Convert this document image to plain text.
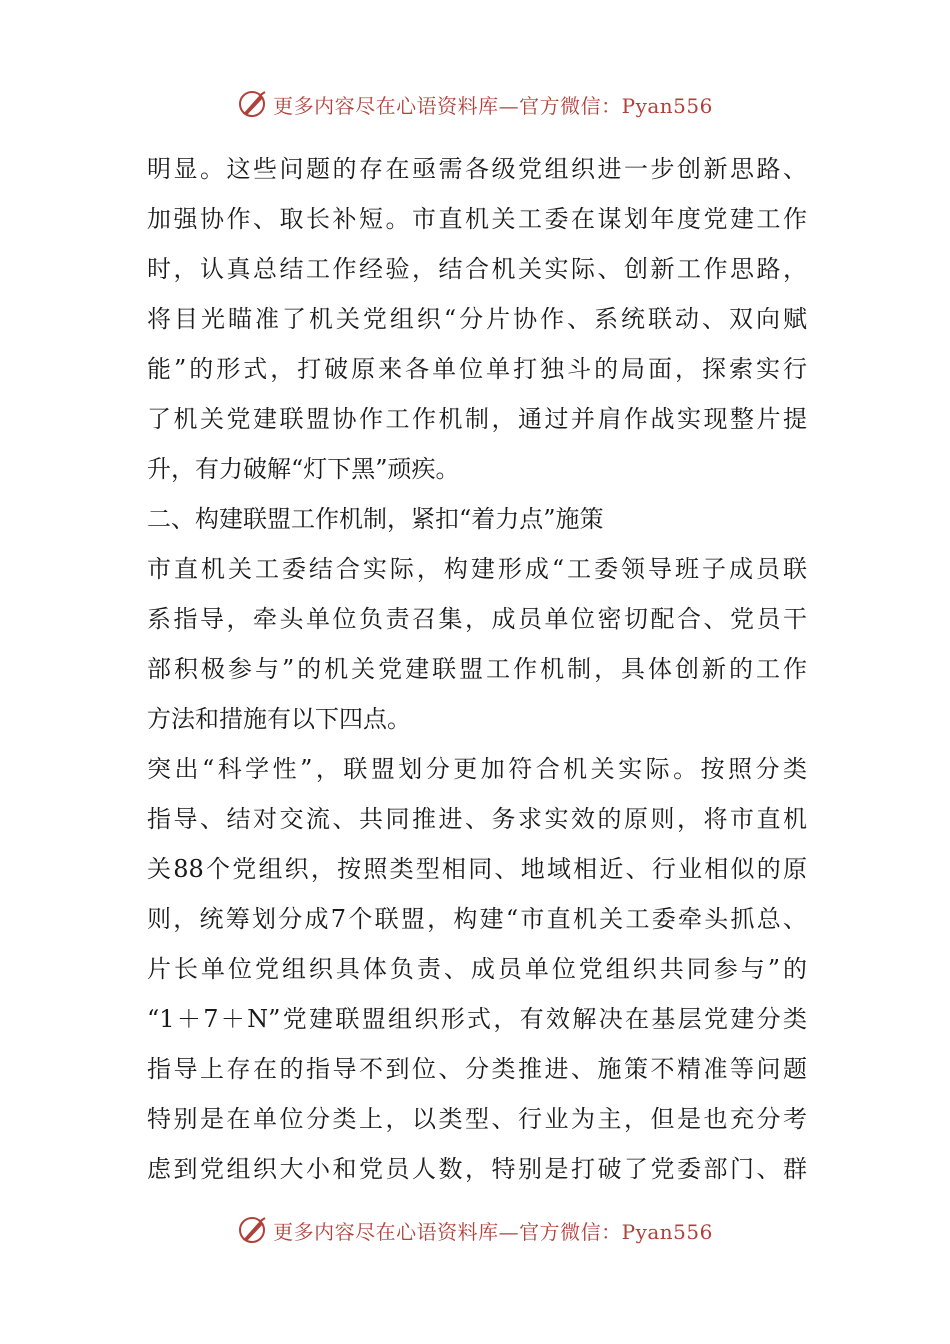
更多内容尽在心语资料库—官方微信：Pyan556
明显。这些问题的存在亟需各级党组织进一步创新思路、
加强协作、取长补短。市直机关工委在谋划年度党建工作
时，认真总结工作经验，结合机关实际、创新工作思路，
将目光瞄准了机关党组织“分片协作、系统联动、双向赋
能”的形式，打破原来各单位单打独斗的局面，探索实行
了机关党建联盟协作工作机制，通过并肩作战实现整片提
升，有力破解“灯下黑”顽疾。
二、构建联盟工作机制，紧扣“着力点”施策
市直机关工委结合实际，构建形成“工委领导班子成员联
系指导，牵头单位负责召集，成员单位密切配合、党员干
部积极参与”的机关党建联盟工作机制，具体创新的工作
方法和措施有以下四点。
突出“科学性”，联盟划分更加符合机关实际。按照分类
指导、结对交流、共同推进、务求实效的原则，将市直机
关88个党组织，按照类型相同、地域相近、行业相似的原
则，统筹划分成7个联盟，构建“市直机关工委牵头抓总、
片长单位党组织具体负责、成员单位党组织共同参与”的
“1＋7＋N”党建联盟组织形式，有效解决在基层党建分类
指导上存在的指导不到位、分类推进、施策不精准等问题
特别是在单位分类上，以类型、行业为主，但是也充分考
虑到党组织大小和党员人数，特别是打破了党委部门、群
更多内容尽在心语资料库—官方微信：Pyan556
